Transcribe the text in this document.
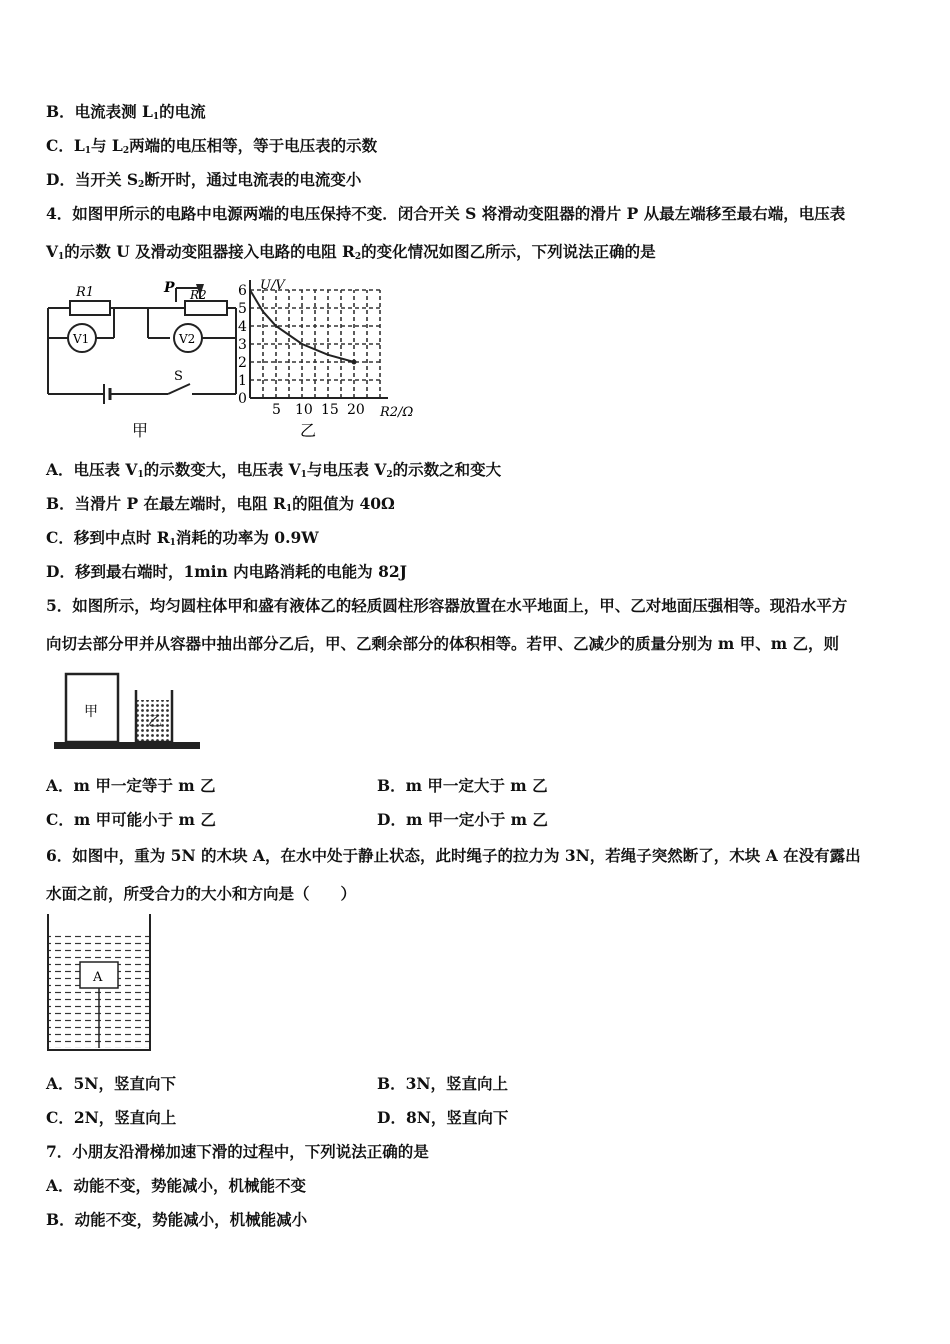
B．电流表测 $L_1$的电流
C．$L_1$与 $L_2$两端的电压相等，等于电压表的示数
D．当开关 $S_2$断开时，通过电流表的电流变小
4．如图甲所示的电路中电源两端的电压保持不变．闭合开关 S 将滑动变阻器的滑片 P 从最左端移至最右端，电压表
$V_1$的示数 U 及滑动变阻器接入电路的电阻 $R_2$的变化情况如图乙所示，下列说法正确的是
R1	P R2
V1	V2
S
甲
0
1
2
3
4
5
6
5 10 15 20
U/V
R2/Ω
乙
A．电压表 $V_1$的示数变大，电压表 $V_1$与电压表 $V_2$的示数之和变大
B．当滑片 P 在最左端时，电阻 $R_1$的阻值为 40Ω
C．移到中点时 $R_1$消耗的功率为 0.9W
D．移到最右端时，1min 内电路消耗的电能为 82J
5．如图所示，均匀圆柱体甲和盛有液体乙的轻质圆柱形容器放置在水平地面上，甲、乙对地面压强相等。现沿水平方
向切去部分甲并从容器中抽出部分乙后，甲、乙剩余部分的体积相等。若甲、乙减少的质量分别为 m 甲、m 乙，则
甲
乙
A．m 甲一定等于 m 乙	B．m 甲一定大于 m 乙
C．m 甲可能小于 m 乙	D．m 甲一定小于 m 乙
6．如图中，重为 5N 的木块 A，在水中处于静止状态，此时绳子的拉力为 3N，若绳子突然断了，木块 A 在没有露出
水面之前，所受合力的大小和方向是（　　）
A
A．5N，竖直向下	B．3N，竖直向上
C．2N，竖直向上	D．8N，竖直向下
7．小朋友沿滑梯加速下滑的过程中，下列说法正确的是
A．动能不变，势能减小，机械能不变
B．动能不变，势能减小，机械能减小
